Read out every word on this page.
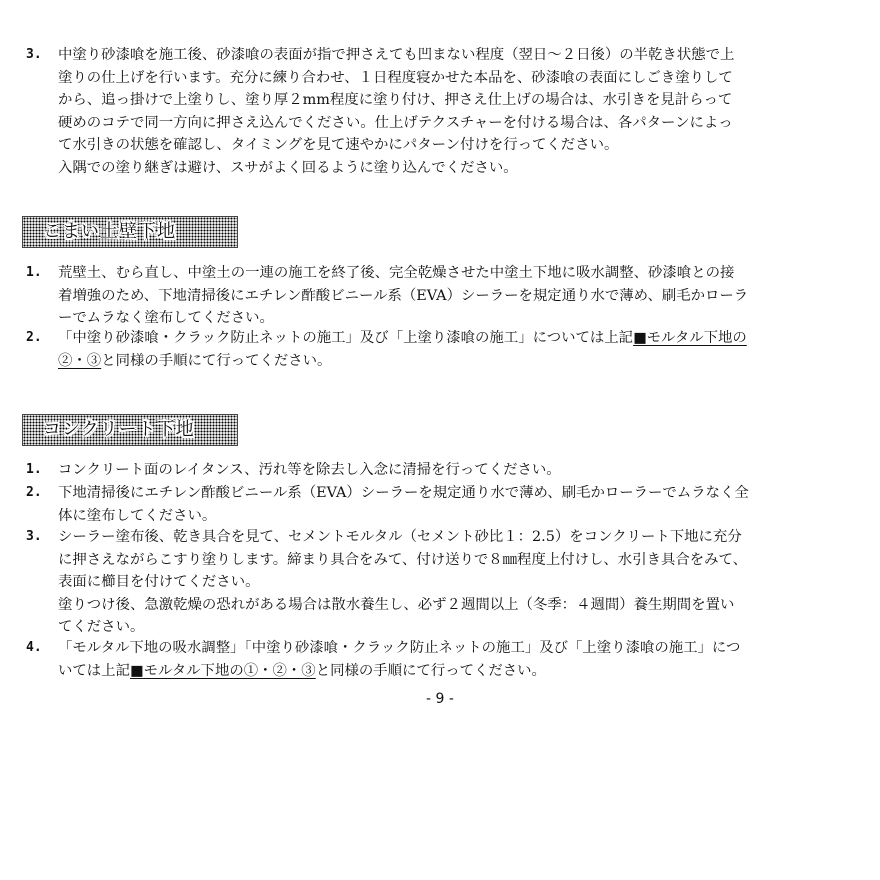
3.	中塗り砂漆喰を施工後、砂漆喰の表面が指で押さえても凹まない程度（翌日～２日後）の半乾き状態で上
塗りの仕上げを行います。充分に練り合わせ、１日程度寝かせた本品を、砂漆喰の表面にしごき塗りして
から、追っ掛けで上塗りし、塗り厚２mm程度に塗り付け、押さえ仕上げの場合は、水引きを見計らって
硬めのコテで同一方向に押さえ込んでください。仕上げテクスチャーを付ける場合は、各パターンによっ
て水引きの状態を確認し、タイミングを見て速やかにパターン付けを行ってください。
入隅での塗り継ぎは避け、スサがよく回るように塗り込んでください。
こまい土壁下地
1.	荒壁土、むら直し、中塗土の一連の施工を終了後、完全乾燥させた中塗土下地に吸水調整、砂漆喰との接
着増強のため、下地清掃後にエチレン酢酸ビニール系（EVA）シーラーを規定通り水で薄め、刷毛かローラ
ーでムラなく塗布してください。
2.	「中塗り砂漆喰・クラック防止ネットの施工」及び「上塗り漆喰の施工」については上記■モルタル下地の
②・③と同様の手順にて行ってください。
コンクリート下地
1.	コンクリート面のレイタンス、汚れ等を除去し入念に清掃を行ってください。
2.	下地清掃後にエチレン酢酸ビニール系（EVA）シーラーを規定通り水で薄め、刷毛かローラーでムラなく全
体に塗布してください。
3.	シーラー塗布後、乾き具合を見て、セメントモルタル（セメント砂比１：2.5）をコンクリート下地に充分
に押さえながらこすり塗りします。締まり具合をみて、付け送りで８㎜程度上付けし、水引き具合をみて、
表面に櫛目を付けてください。
塗りつけ後、急激乾燥の恐れがある場合は散水養生し、必ず２週間以上（冬季：４週間）養生期間を置い
てください。
4.	「モルタル下地の吸水調整」「中塗り砂漆喰・クラック防止ネットの施工」及び「上塗り漆喰の施工」につ
いては上記■モルタル下地の①・②・③と同様の手順にて行ってください。
- 9 -
